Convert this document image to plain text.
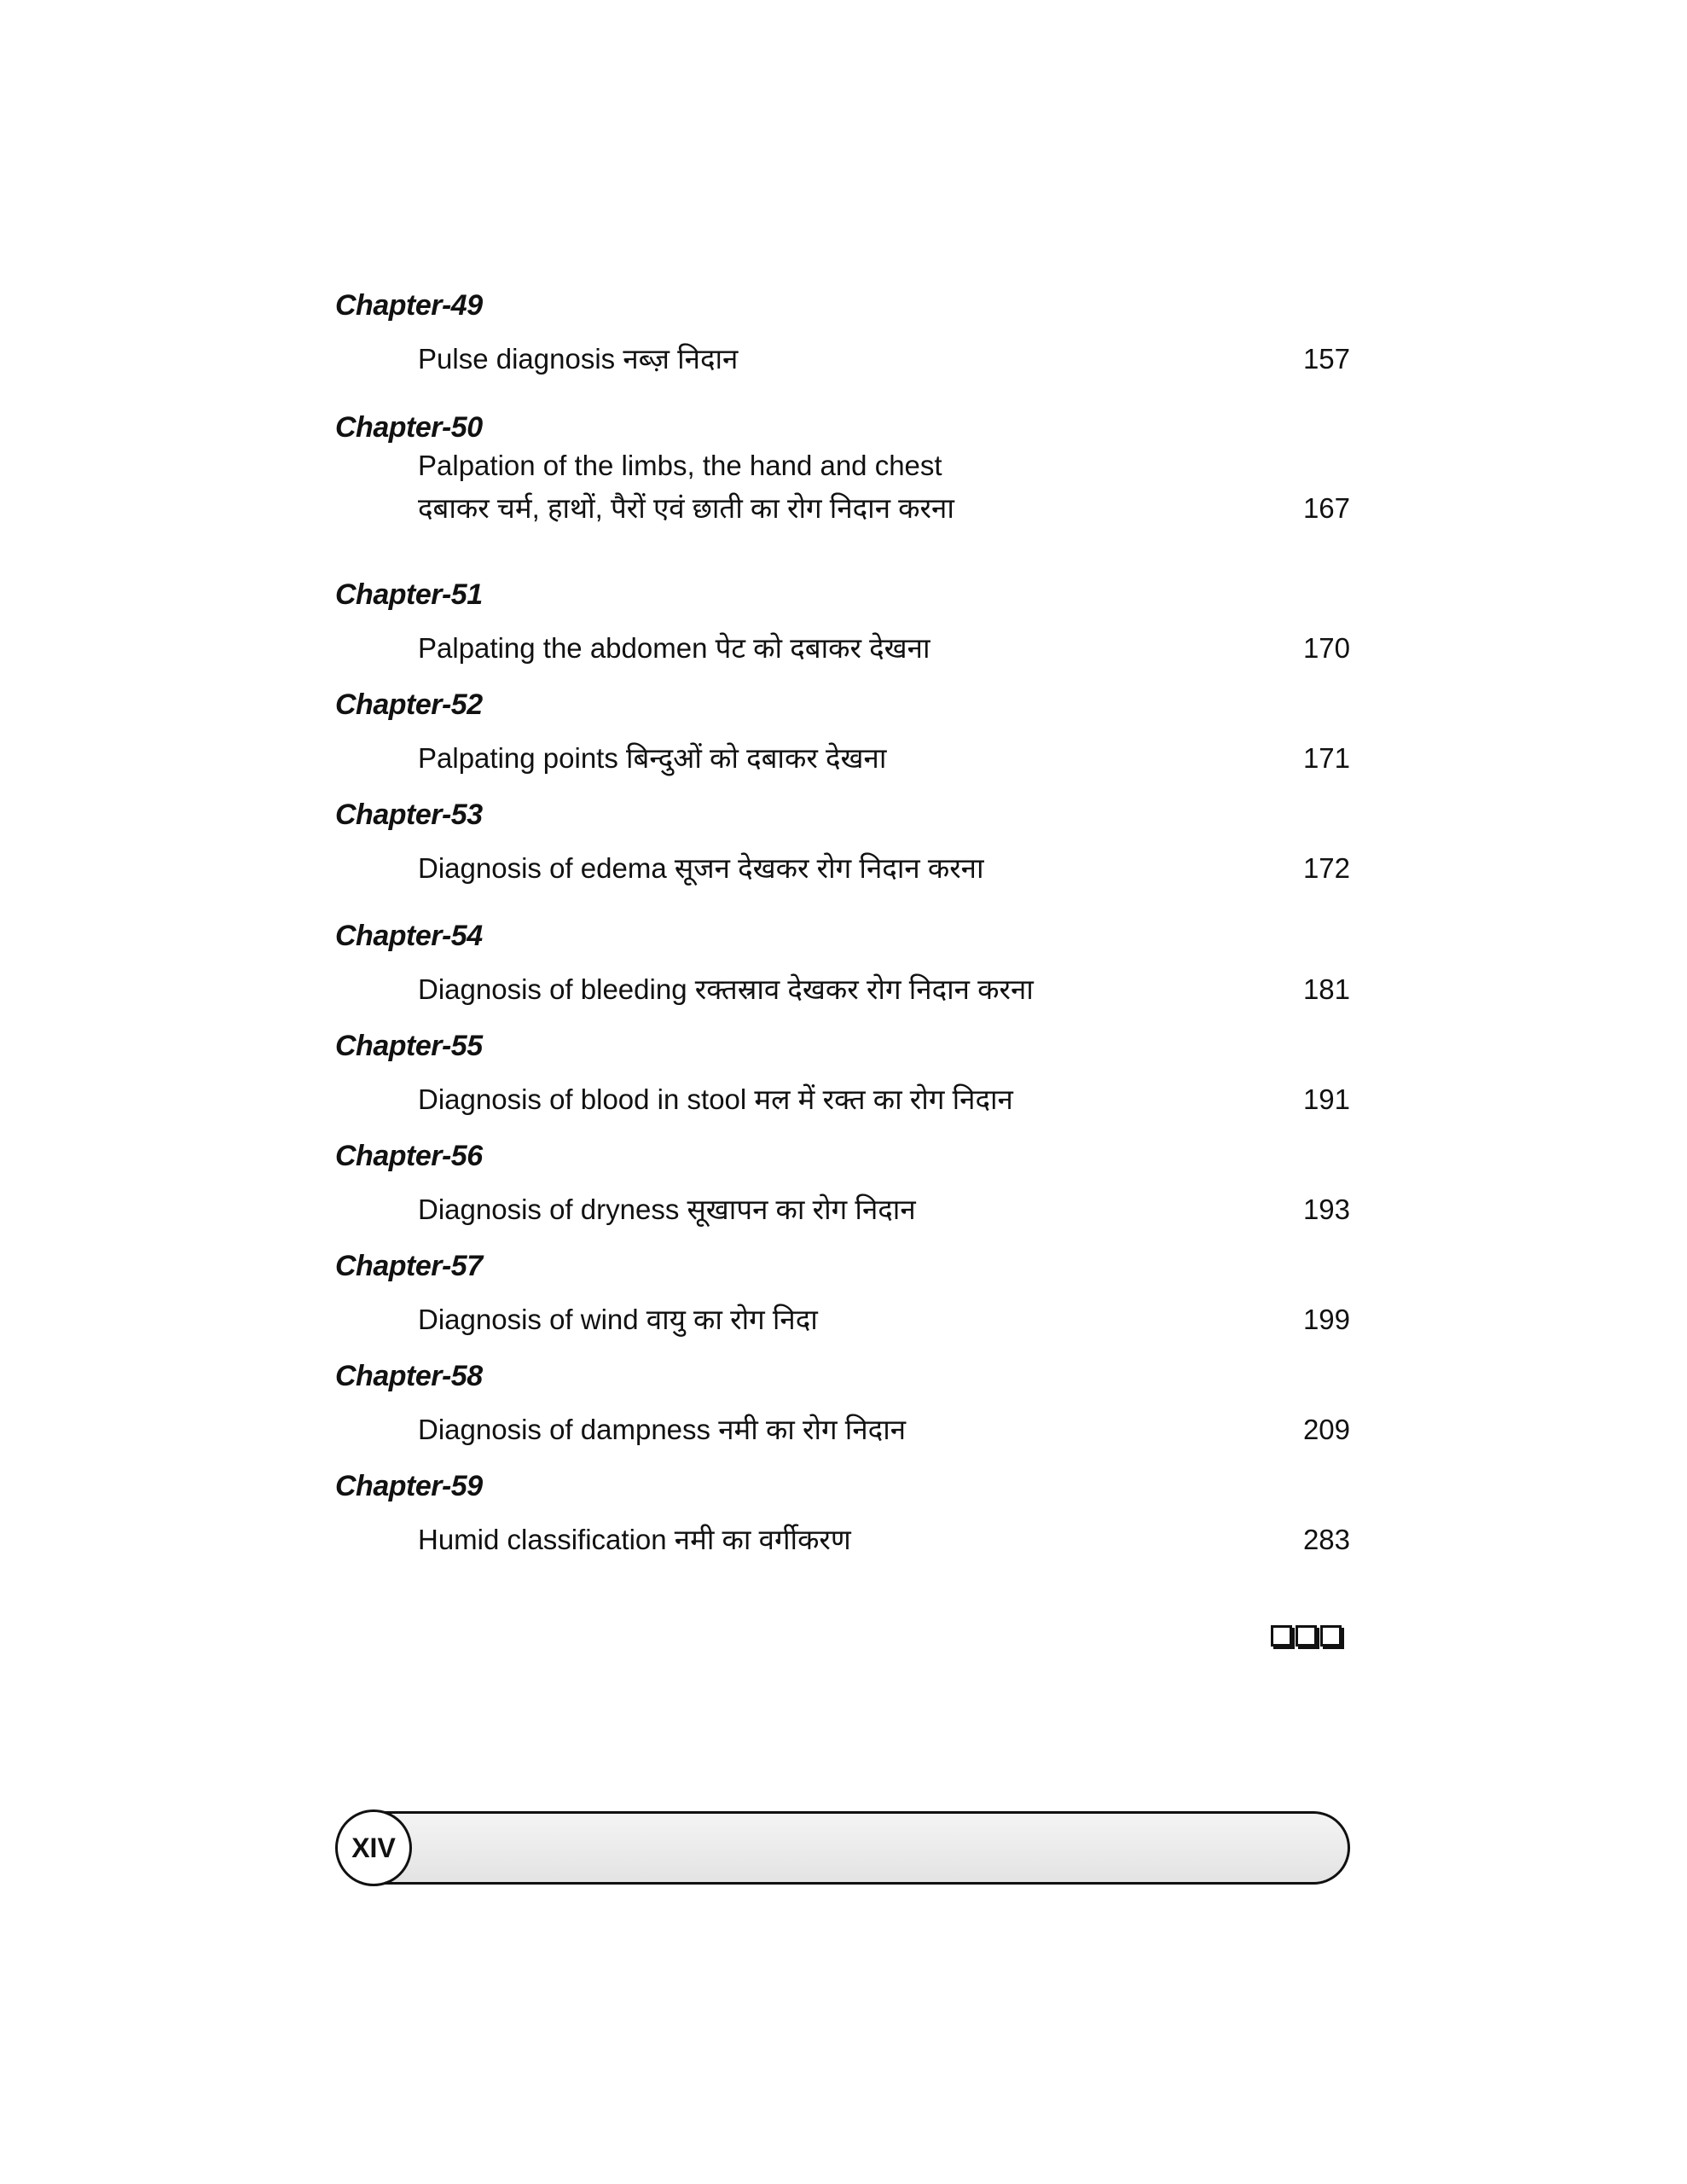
Chapter-49
Pulse diagnosis नब्ज़ निदान	157
Chapter-50
Palpation of the limbs, the hand and chest
दबाकर चर्म, हाथों, पैरों एवं छाती का रोग निदान करना	167
Chapter-51
Palpating the abdomen पेट को दबाकर देखना	170
Chapter-52
Palpating points बिन्दुओं को दबाकर देखना	171
Chapter-53
Diagnosis of edema सूजन देखकर रोग निदान करना	172
Chapter-54
Diagnosis of bleeding रक्तस्राव देखकर रोग निदान करना	181
Chapter-55
Diagnosis of blood in stool मल में रक्त का रोग निदान	191
Chapter-56
Diagnosis of dryness सूखापन का रोग निदान	193
Chapter-57
Diagnosis of wind वायु का रोग निदा	199
Chapter-58
Diagnosis of dampness नमी का रोग निदान	209
Chapter-59
Humid classification नमी का वर्गीकरण	283
XIV
